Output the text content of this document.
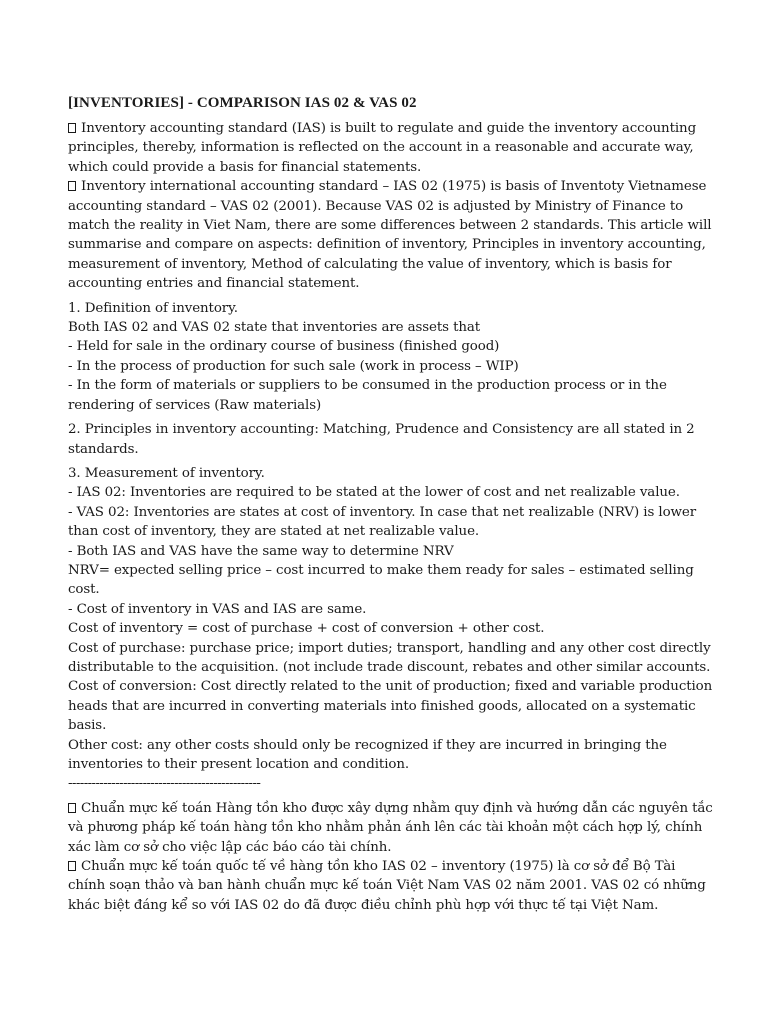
[INVENTORIES] - COMPARISON IAS 02 & VAS 02

Inventory accounting standard (IAS) is built to regulate and guide the inventory accounting principles, thereby, information is reflected on the account in a reasonable and accurate way, which could provide a basis for financial statements.

Inventory international accounting standard – IAS 02 (1975) is basis of Inventoty Vietnamese accounting standard – VAS 02 (2001). Because VAS 02 is adjusted by Ministry of Finance to match the reality in Viet Nam, there are some differences between 2 standards. This article will summarise and compare on aspects: definition of inventory, Principles in inventory accounting, measurement of inventory, Method of calculating the value of inventory, which is basis for accounting entries and financial statement.

1. Definition of inventory.

Both IAS 02 and VAS 02 state that inventories are assets that

- Held for sale in the ordinary course of business (finished good)

- In the process of production for such sale (work in process – WIP)

- In the form of materials or suppliers to be consumed in the production process or in the rendering of services (Raw materials)

2. Principles in inventory accounting: Matching, Prudence and Consistency are all stated in 2 standards.

3. Measurement of inventory.

- IAS 02: Inventories are required to be stated at the lower of cost and net realizable value.

- VAS 02: Inventories are states at cost of inventory. In case that net realizable (NRV) is lower than cost of inventory, they are stated at net realizable value.

- Both IAS and VAS have the same way to determine NRV

NRV= expected selling price – cost incurred to make them ready for sales – estimated selling cost.

- Cost of inventory in VAS and IAS are same.

Cost of inventory = cost of purchase + cost of conversion + other cost.

Cost of purchase: purchase price; import duties; transport, handling and any other cost directly distributable to the acquisition. (not include trade discount, rebates and other similar accounts.

Cost of conversion: Cost directly related to the unit of production; fixed and variable production heads that are incurred in converting materials into finished goods, allocated on a systematic basis.

Other cost: any other costs should only be recognized if they are incurred in bringing the inventories to their present location and condition.

-------------------------------------------------

Chuẩn mực kế toán Hàng tồn kho được xây dựng nhằm quy định và hướng dẫn các nguyên tắc và phương pháp kế toán hàng tồn kho nhằm phản ánh lên các tài khoản một cách hợp lý, chính xác làm cơ sở cho việc lập các báo cáo tài chính.

Chuẩn mực kế toán quốc tế về hàng tồn kho IAS 02 – inventory (1975) là cơ sở để Bộ Tài chính soạn thảo và ban hành chuẩn mực kế toán Việt Nam VAS 02 năm 2001. VAS 02 có những khác biệt đáng kể so với IAS 02 do đã được điều chỉnh phù hợp với thực tế tại Việt Nam.
